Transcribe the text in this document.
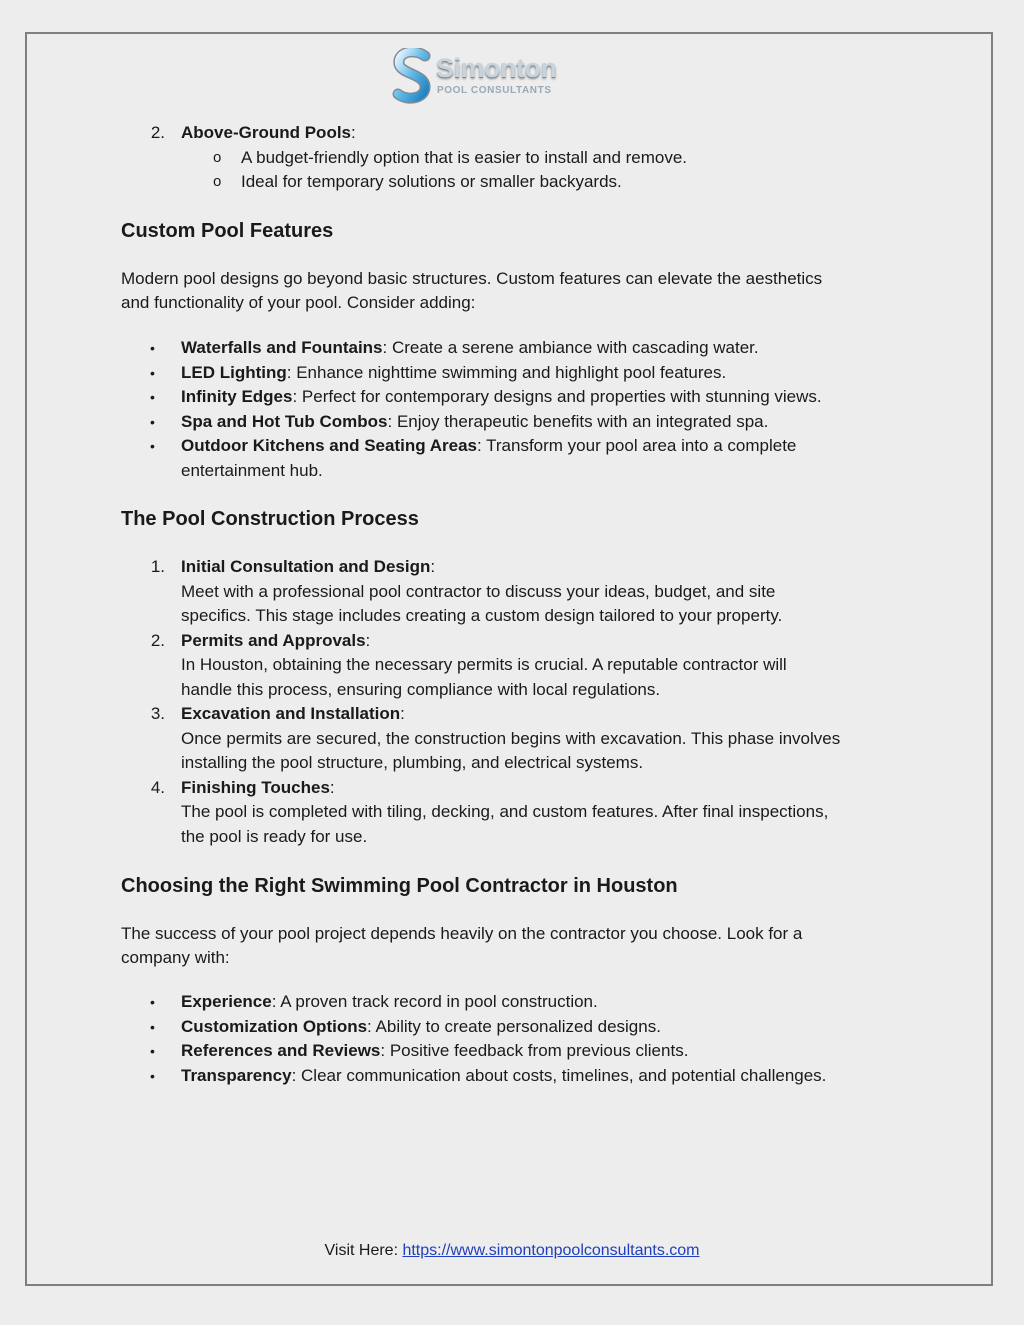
Simonton
POOL CONSULTANTS
2. Above-Ground Pools:
o A budget-friendly option that is easier to install and remove.
o Ideal for temporary solutions or smaller backyards.
Custom Pool Features
Modern pool designs go beyond basic structures. Custom features can elevate the aesthetics
and functionality of your pool. Consider adding:
• Waterfalls and Fountains: Create a serene ambiance with cascading water.
• LED Lighting: Enhance nighttime swimming and highlight pool features.
• Infinity Edges: Perfect for contemporary designs and properties with stunning views.
• Spa and Hot Tub Combos: Enjoy therapeutic benefits with an integrated spa.
• Outdoor Kitchens and Seating Areas: Transform your pool area into a complete
entertainment hub.
The Pool Construction Process
1. Initial Consultation and Design:
Meet with a professional pool contractor to discuss your ideas, budget, and site
specifics. This stage includes creating a custom design tailored to your property.
2. Permits and Approvals:
In Houston, obtaining the necessary permits is crucial. A reputable contractor will
handle this process, ensuring compliance with local regulations.
3. Excavation and Installation:
Once permits are secured, the construction begins with excavation. This phase involves
installing the pool structure, plumbing, and electrical systems.
4. Finishing Touches:
The pool is completed with tiling, decking, and custom features. After final inspections,
the pool is ready for use.
Choosing the Right Swimming Pool Contractor in Houston
The success of your pool project depends heavily on the contractor you choose. Look for a
company with:
• Experience: A proven track record in pool construction.
• Customization Options: Ability to create personalized designs.
• References and Reviews: Positive feedback from previous clients.
• Transparency: Clear communication about costs, timelines, and potential challenges.
Visit Here: https://www.simontonpoolconsultants.com
